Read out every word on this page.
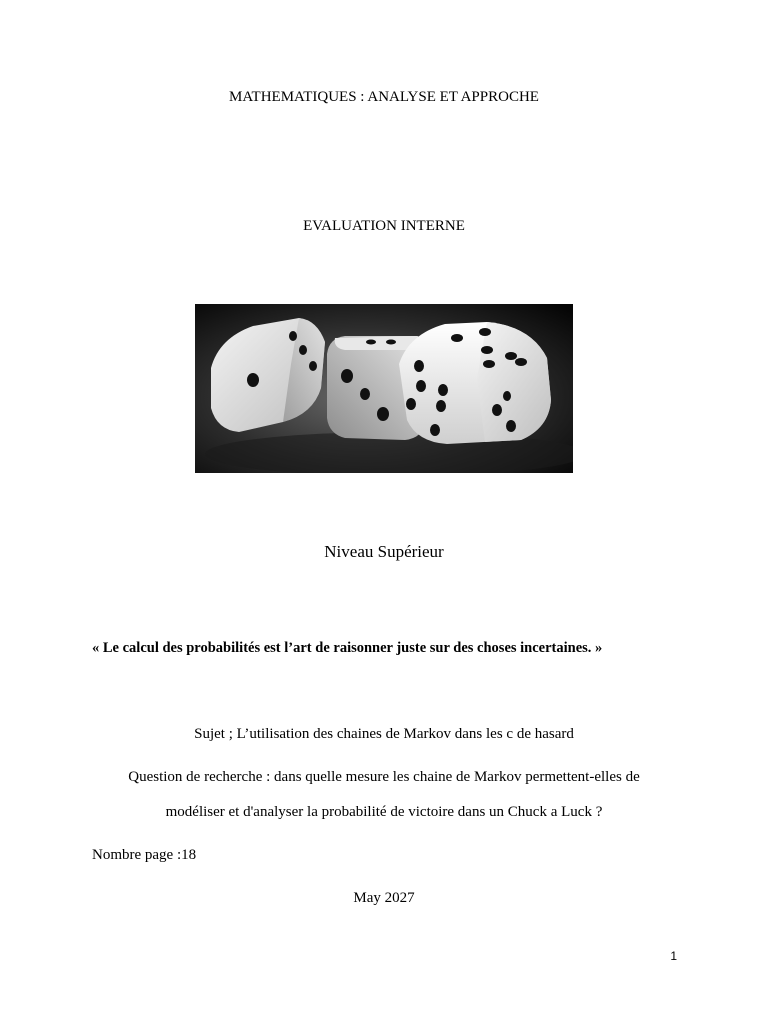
MATHEMATIQUES : ANALYSE ET APPROCHE
EVALUATION INTERNE
Niveau Supérieur
« Le calcul des probabilités est l’art de raisonner juste sur des choses incertaines. »
Sujet ; L’utilisation des chaines de Markov dans les c de hasard
Question de recherche : dans quelle mesure les chaine de Markov permettent-elles de
modéliser et d'analyser la probabilité de victoire dans un Chuck a Luck ?
Nombre page :18
May 2027
1
